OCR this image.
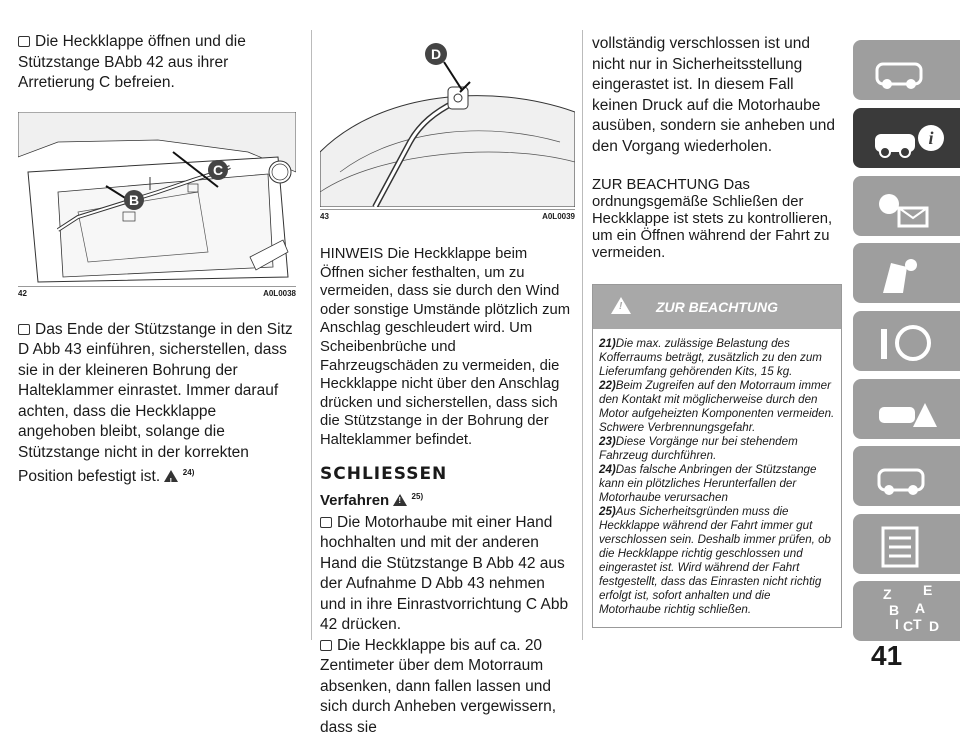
Die Heckklappe öffnen und die Stützstange BAbb 42 aus ihrer Arretierung C befreien.

B
C
42	A0L0038

Das Ende der Stützstange in den Sitz D Abb 43 einführen, sicherstellen, dass sie in der kleineren Bohrung der Halteklammer einrastet. Immer darauf achten, dass die Heckklappe angehoben bleibt, solange die Stützstange nicht in der korrekten Position befestigt ist. !	$^{24)}$

D
43	A0L0039

HINWEIS Die Heckklappe beim Öffnen sicher festhalten, um zu vermeiden, dass sie durch den Wind oder sonstige Umstände plötzlich zum Anschlag geschleudert wird. Um Scheibenbrüche und Fahrzeugschäden zu vermeiden, die Heckklappe nicht über den Anschlag drücken und sicherstellen, dass sich die Stützstange in der Bohrung der Halteklammer befindet.

SCHLIESSEN
Verfahren !	$^{25)}$

Die Motorhaube mit einer Hand hochhalten und mit der anderen Hand die Stützstange B Abb 42 aus der Aufnahme D Abb 43 nehmen und in ihre Einrastvorrichtung C Abb 42 drücken.

Die Heckklappe bis auf ca. 20 Zentimeter über dem Motorraum absenken, dann fallen lassen und sich durch Anheben vergewissern, dass sie

vollständig verschlossen ist und nicht nur in Sicherheitsstellung eingerastet ist. In diesem Fall keinen Druck auf die Motorhaube ausüben, sondern sie anheben und den Vorgang wiederholen.

ZUR BEACHTUNG Das ordnungsgemäße Schließen der Heckklappe ist stets zu kontrollieren, um ein Öffnen während der Fahrt zu vermeiden.

! ZUR BEACHTUNG

21)Die max. zulässige Belastung des Kofferraums beträgt, zusätzlich zu den zum Lieferumfang gehörenden Kits, 15 kg.

22)Beim Zugreifen auf den Motorraum immer den Kontakt mit möglicherweise durch den Motor aufgeheizten Komponenten vermeiden. Schwere Verbrennungsgefahr.

23)Diese Vorgänge nur bei stehendem Fahrzeug durchführen.

24)Das falsche Anbringen der Stützstange kann ein plötzliches Herunterfallen der Motorhaube verursachen

25)Aus Sicherheitsgründen muss die Heckklappe während der Fahrt immer gut verschlossen sein. Deshalb immer prüfen, ob die Heckklappe richtig geschlossen und eingerastet ist. Wird während der Fahrt festgestellt, dass das Einrasten nicht richtig erfolgt ist, sofort anhalten und die Motorhaube richtig schließen.

i
Z E
A
B
I C T D
41
